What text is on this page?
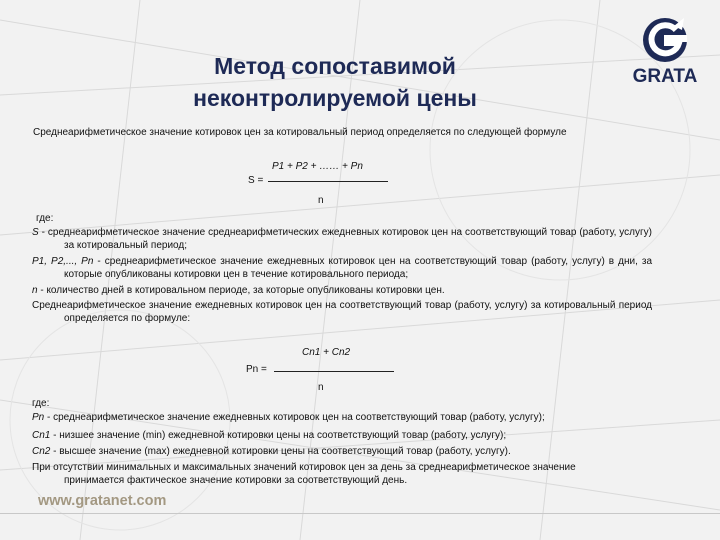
Метод сопоставимой
неконтролируемой цены
GRATA
Среднеарифметическое значение котировок цен за котировальный период определяется по следующей формуле
P1 + P2 + …… + Pn
S =
n
где:
S - среднеарифметическое значение среднеарифметических ежедневных котировок цен на соответствующий товар (работу, услугу) за котировальный период;
P1, P2,..., Pn - среднеарифметическое значение ежедневных котировок цен на соответствующий товар (работу, услугу) в дни, за которые опубликованы котировки цен в течение котировального периода;
n - количество дней в котировальном периоде, за которые опубликованы котировки цен.
Среднеарифметическое значение ежедневных котировок цен на соответствующий товар (работу, услугу) за котировальный период определяется по формуле:
Cn1 + Cn2
Pn =
n
где:
Pn - среднеарифметическое значение ежедневных котировок цен на соответствующий товар (работу, услугу);
Cn1 - низшее значение (min) ежедневной котировки цены на соответствующий товар (работу, услугу);
Cn2 - высшее значение (max) ежедневной котировки цены на соответствующий товар (работу, услугу).
При отсутствии минимальных и максимальных значений котировок цен за день за среднеарифметическое значение принимается фактическое значение котировки за соответствующий день.
www.gratanet.com
